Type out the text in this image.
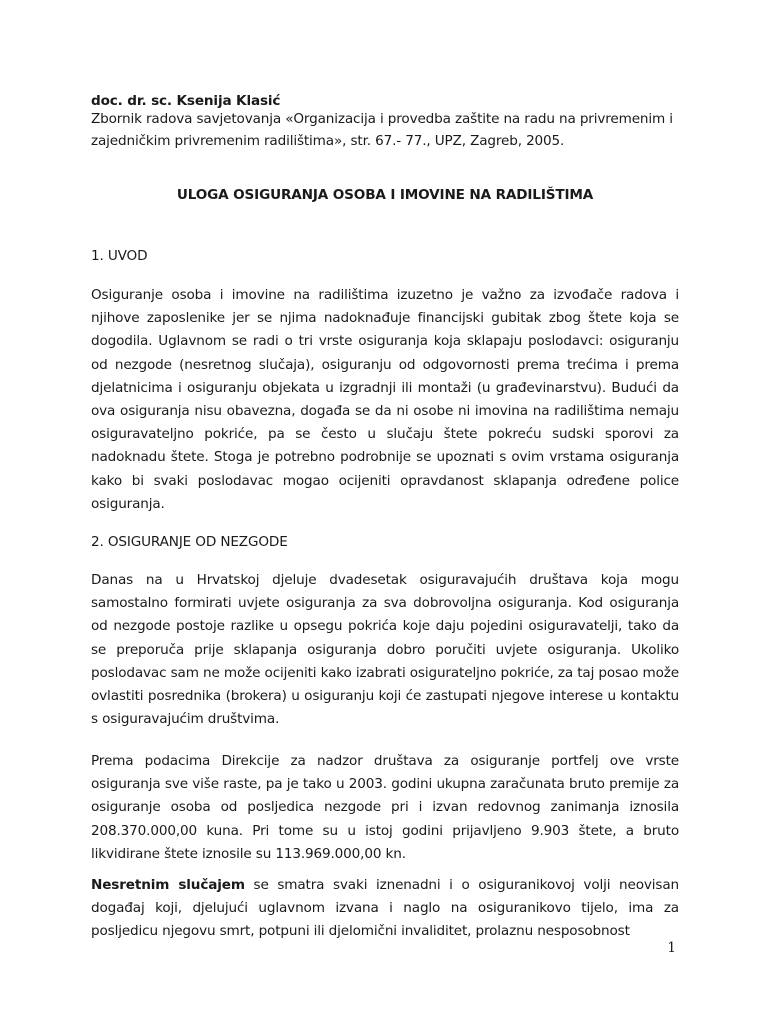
doc. dr. sc. Ksenija Klasić
Zbornik radova savjetovanja «Organizacija i provedba zaštite na radu na privremenim i zajedničkim privremenim radilištima», str. 67.- 77., UPZ, Zagreb, 2005.
ULOGA OSIGURANJA OSOBA I IMOVINE NA RADILIŠTIMA
1. UVOD
Osiguranje osoba i imovine na radilištima izuzetno je važno za izvođače radova i njihove zaposlenike jer se njima nadoknađuje financijski gubitak zbog štete koja se dogodila. Uglavnom se radi o tri vrste osiguranja koja sklapaju poslodavci: osiguranju od nezgode (nesretnog slučaja), osiguranju od odgovornosti prema trećima i prema djelatnicima i osiguranju objekata u izgradnji ili montaži (u građevinarstvu). Budući da ova osiguranja nisu obavezna, događa se da ni osobe ni imovina na radilištima nemaju osiguravateljno pokriće, pa se često u slučaju štete pokreću sudski sporovi za nadoknadu štete. Stoga je potrebno podrobnije se upoznati s ovim vrstama osiguranja kako bi svaki poslodavac mogao ocijeniti opravdanost sklapanja određene police osiguranja.
2. OSIGURANJE OD NEZGODE
Danas na u Hrvatskoj djeluje dvadesetak osiguravajućih društava koja mogu samostalno formirati uvjete osiguranja za sva dobrovoljna osiguranja. Kod osiguranja od nezgode postoje razlike u opsegu pokrića koje daju pojedini osiguravatelji, tako da se preporuča prije sklapanja osiguranja dobro poručiti uvjete osiguranja. Ukoliko poslodavac sam ne može ocijeniti kako izabrati osigurateljno pokriće, za taj posao može ovlastiti posrednika (brokera) u osiguranju koji će zastupati njegove interese u kontaktu s osiguravajućim društvima.
Prema podacima Direkcije za nadzor društava za osiguranje portfelj ove vrste osiguranja sve više raste, pa je tako u 2003. godini ukupna zaračunata bruto premije za osiguranje osoba od posljedica nezgode pri i izvan redovnog zanimanja iznosila 208.370.000,00 kuna. Pri tome su u istoj godini prijavljeno 9.903 štete, a bruto likvidirane štete iznosile su 113.969.000,00 kn.
Nesretnim slučajem se smatra svaki iznenadni i o osiguranikovoj volji neovisan događaj koji, djelujući uglavnom izvana i naglo na osiguranikovo tijelo, ima za posljedicu njegovu smrt, potpuni ili djelomični invaliditet, prolaznu nesposobnost
1
